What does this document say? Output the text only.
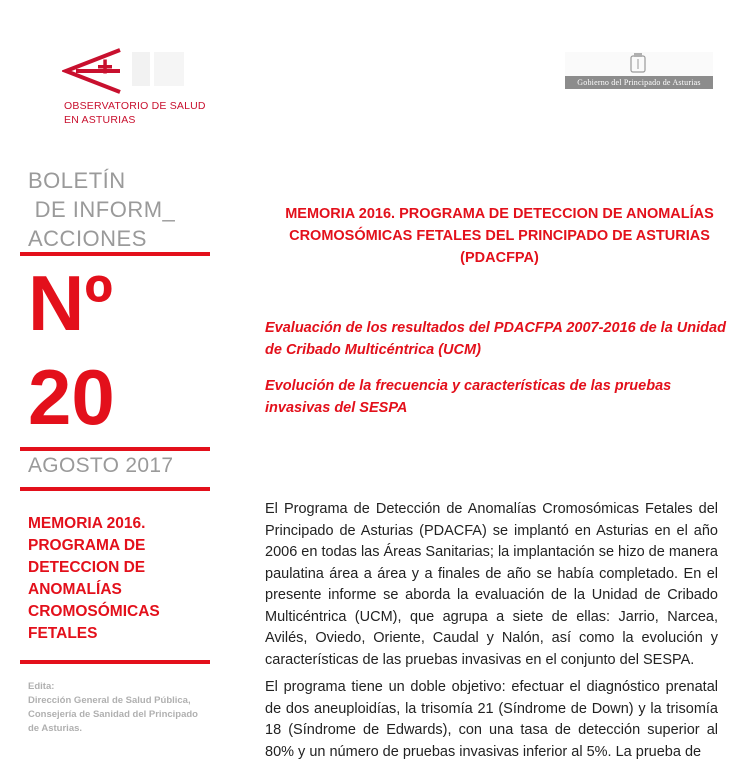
OBSERVATORIO DE SALUD
EN ASTURIAS
Gobierno del Principado de Asturias
BOLETÍN
DE INFORM_
ACCIONES
Nº
20
AGOSTO 2017
MEMORIA 2016.
PROGRAMA DE
DETECCION DE
ANOMALÍAS
CROMOSÓMICAS
FETALES
Edita:
Dirección General de Salud Pública,
Consejería de Sanidad del Principado
de Asturias.
MEMORIA 2016. PROGRAMA DE DETECCION DE ANOMALÍAS
CROMOSÓMICAS FETALES DEL PRINCIPADO DE ASTURIAS
(PDACFPA)
Evaluación de los resultados del PDACFPA 2007-2016 de la Unidad de Cribado Multicéntrica (UCM)
Evolución de la frecuencia y características de las pruebas invasivas del SESPA
El Programa de Detección de Anomalías Cromosómicas Fetales del Principado de Asturias (PDACFA) se implantó en Asturias en el año 2006 en todas las Áreas Sanitarias; la implantación se hizo de manera paulatina área a área y a finales de año se había completado. En el presente informe se aborda la evaluación de la Unidad de Cribado Multicéntrica (UCM), que agrupa a siete de ellas: Jarrio, Narcea, Avilés, Oviedo, Oriente, Caudal y Nalón, así como la evolución y características de las pruebas invasivas en el conjunto del SESPA.
El programa tiene un doble objetivo: efectuar el diagnóstico prenatal de dos aneuploidías, la trisomía 21 (Síndrome de Down) y la trisomía 18 (Síndrome de Edwards), con una tasa de detección superior al 80% y un número de pruebas invasivas inferior al 5%. La prueba de
